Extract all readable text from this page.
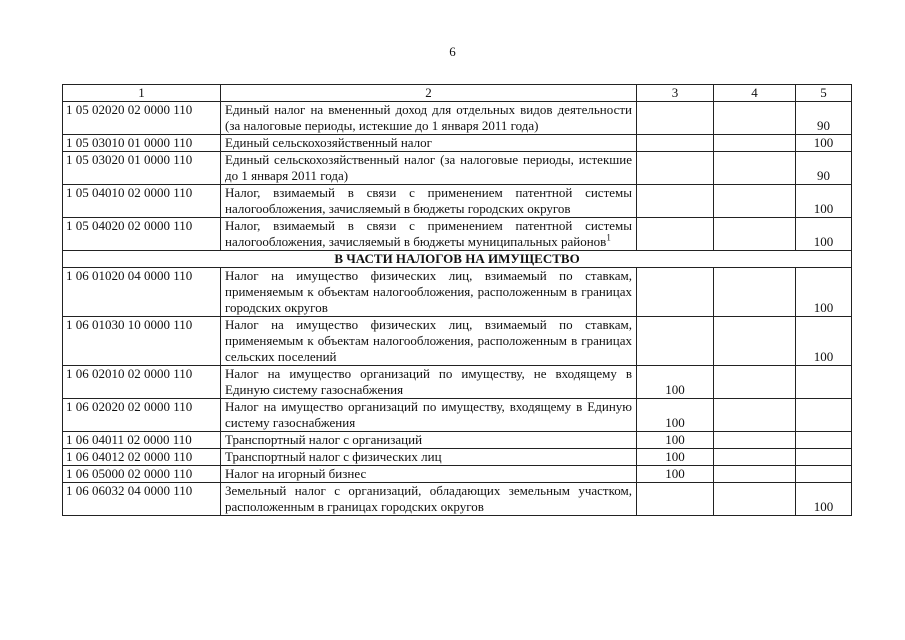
6
1	2	3	4	5
1 05 02020 02 0000 110	Единый налог на вмененный доход для отдельных видов деятельности (за налоговые периоды, истекшие до 1 января 2011 года)			90
1 05 03010 01 0000 110	Единый сельскохозяйственный налог			100
1 05 03020 01 0000 110	Единый сельскохозяйственный налог (за налоговые периоды, истекшие до 1 января 2011 года)			90
1 05 04010 02 0000 110	Налог, взимаемый в связи с применением патентной системы налогообложения, зачисляемый в бюджеты городских округов			100
1 05 04020 02 0000 110	Налог, взимаемый в связи с применением патентной системы налогообложения, зачисляемый в бюджеты муниципальных районов$^1$			100
В ЧАСТИ НАЛОГОВ НА ИМУЩЕСТВО				
1 06 01020 04 0000 110	Налог на имущество физических лиц, взимаемый по ставкам, применяемым к объектам налогообложения, расположенным в границах городских округов			100
1 06 01030 10 0000 110	Налог на имущество физических лиц, взимаемый по ставкам, применяемым к объектам налогообложения, расположенным в границах сельских поселений			100
1 06 02010 02 0000 110	Налог на имущество организаций по имуществу, не входящему в Единую систему газоснабжения	100		
1 06 02020 02 0000 110	Налог на имущество организаций по имуществу, входящему в Единую систему газоснабжения	100		
1 06 04011 02 0000 110	Транспортный налог с организаций	100		
1 06 04012 02 0000 110	Транспортный налог с физических лиц	100		
1 06 05000 02 0000 110	Налог на игорный бизнес	100		
1 06 06032 04 0000 110	Земельный налог с организаций, обладающих земельным участком, расположенным в границах городских округов			100
